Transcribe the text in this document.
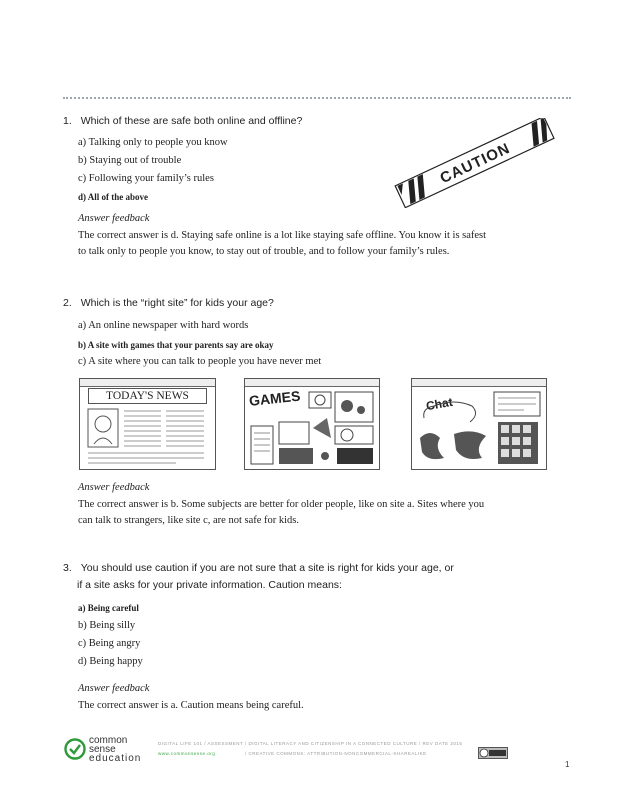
1. Which of these are safe both online and offline?
a) Talking only to people you know
b) Staying out of trouble
c) Following your family’s rules
d) All of the above
Answer feedback
The correct answer is d. Staying safe online is a lot like staying safe offline. You know it is safest
to talk only to people you know, to stay out of trouble, and to follow your family’s rules.
CAUTION
2. Which is the “right site” for kids your age?
a) An online newspaper with hard words
b) A site with games that your parents say are okay
c) A site where you can talk to people you have never met
TODAY'S NEWS	GAMES	Chat
Answer feedback
The correct answer is b. Some subjects are better for older people, like on site a. Sites where you
can talk to strangers, like site c, are not safe for kids.
3. You should use caution if you are not sure that a site is right for kids your age, or
if a site asks for your private information. Caution means:
a) Being careful
b) Being silly
c) Being angry
d) Being happy
Answer feedback
The correct answer is a. Caution means being careful.
common
sense
education
DIGITAL LIFE 101 / ASSESSMENT / DIGITAL LITERACY AND CITIZENSHIP IN A CONNECTED CULTURE / REV DATE 2015
www.commonsense.org	/ CREATIVE COMMONS: ATTRIBUTION-NONCOMMERCIAL-SHAREALIKE
1
